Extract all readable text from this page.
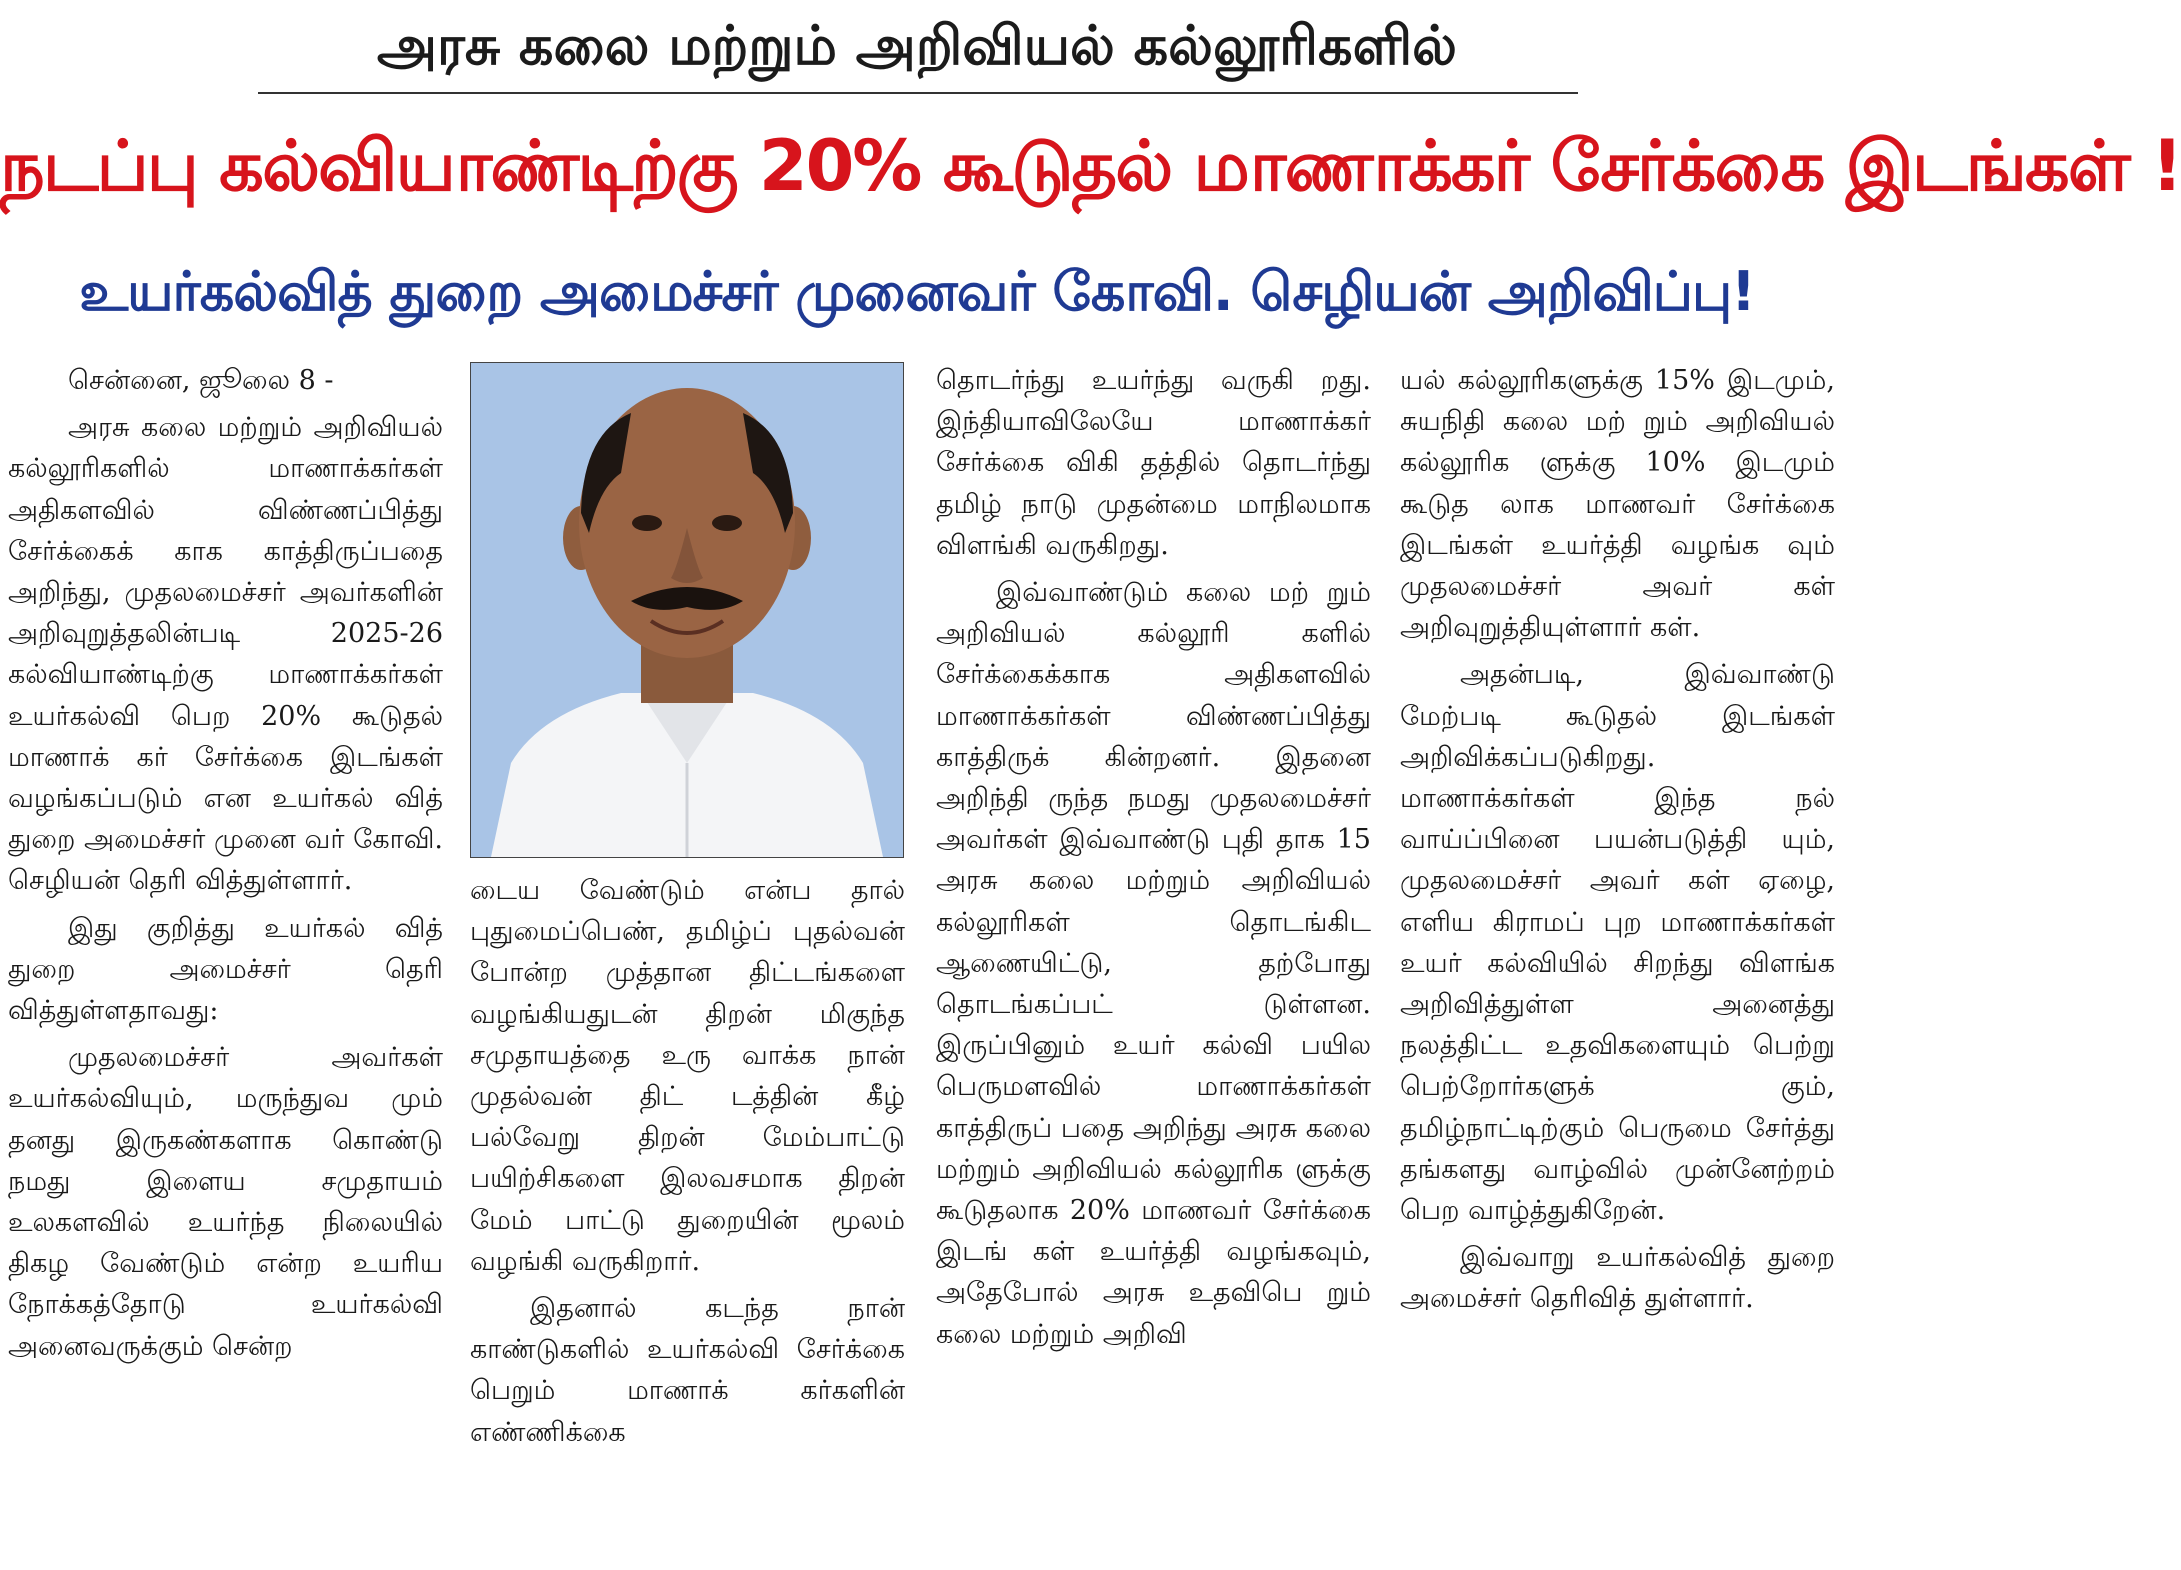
அரசு கலை மற்றும் அறிவியல் கல்லூரிகளில்
நடப்பு கல்வியாண்டிற்கு 20% கூடுதல் மாணாக்கர் சேர்க்கை இடங்கள் !
உயர்கல்வித் துறை அமைச்சர் முனைவர் கோவி. செழியன் அறிவிப்பு!

சென்னை, ஜூலை 8 -

அரசு கலை மற்றும் அறிவியல் கல்லூரிகளில் மாணாக்கர்கள் அதிகளவில் விண்ணப்பித்து சேர்க்கைக் காக காத்திருப்பதை அறிந்து, முதலமைச்சர் அவர்களின் அறிவுறுத்தலின்படி 2025-26 கல்வியாண்டிற்கு மாணாக்கர்கள் உயர்கல்வி பெற 20% கூடுதல் மாணாக் கர் சேர்க்கை இடங்கள் வழங்கப்படும் என உயர்கல் வித் துறை அமைச்சர் முனை வர் கோவி. செழியன் தெரி வித்துள்ளார்.

இது குறித்து உயர்கல் வித் துறை அமைச்சர் தெரி வித்துள்ளதாவது:

முதலமைச்சர் அவர்கள் உயர்கல்வியும், மருந்துவ மும் தனது இருகண்களாக கொண்டு நமது இளைய சமுதாயம் உலகளவில் உயர்ந்த நிலையில் திகழ வேண்டும் என்ற உயரிய நோக்கத்தோடு உயர்கல்வி அனைவருக்கும் சென்ற

டைய வேண்டும் என்ப தால் புதுமைப்பெண், தமிழ்ப் புதல்வன் போன்ற முத்தான திட்டங்களை வழங்கியதுடன் திறன் மிகுந்த சமுதாயத்தை உரு வாக்க நான் முதல்வன் திட் டத்தின் கீழ் பல்வேறு திறன் மேம்பாட்டு பயிற்சிகளை இலவசமாக திறன் மேம் பாட்டு துறையின் மூலம் வழங்கி வருகிறார்.

இதனால் கடந்த நான் காண்டுகளில் உயர்கல்வி சேர்க்கை பெறும் மாணாக் கர்களின் எண்ணிக்கை

தொடர்ந்து உயர்ந்து வருகி றது. இந்தியாவிலேயே மாணாக்கர் சேர்க்கை விகி தத்தில் தொடர்ந்து தமிழ் நாடு முதன்மை மாநிலமாக விளங்கி வருகிறது.

இவ்வாண்டும் கலை மற் றும் அறிவியல் கல்லூரி களில் சேர்க்கைக்காக அதிகளவில் மாணாக்கர்கள் விண்ணப்பித்து காத்திருக் கின்றனர். இதனை அறிந்தி ருந்த நமது முதலமைச்சர் அவர்கள் இவ்வாண்டு புதி தாக 15 அரசு கலை மற்றும் அறிவியல் கல்லூரிகள் தொடங்கிட ஆணையிட்டு, தற்போது தொடங்கப்பட் டுள்ளன. இருப்பினும் உயர் கல்வி பயில பெருமளவில் மாணாக்கர்கள் காத்திருப் பதை அறிந்து அரசு கலை மற்றும் அறிவியல் கல்லூரிக ளுக்கு கூடுதலாக 20% மாணவர் சேர்க்கை இடங் கள் உயர்த்தி வழங்கவும், அதேபோல் அரசு உதவிபெ றும் கலை மற்றும் அறிவி

யல் கல்லூரிகளுக்கு 15% இடமும், சுயநிதி கலை மற் றும் அறிவியல் கல்லூரிக ளுக்கு 10% இடமும் கூடுத லாக மாணவர் சேர்க்கை இடங்கள் உயர்த்தி வழங்க வும் முதலமைச்சர் அவர் கள் அறிவுறுத்தியுள்ளார் கள்.

அதன்படி, இவ்வாண்டு மேற்படி கூடுதல் இடங்கள் அறிவிக்கப்படுகிறது. மாணாக்கர்கள் இந்த நல் வாய்ப்பினை பயன்படுத்தி யும், முதலமைச்சர் அவர் கள் ஏழை, எளிய கிராமப் புற மாணாக்கர்கள் உயர் கல்வியில் சிறந்து விளங்க அறிவித்துள்ள அனைத்து நலத்திட்ட உதவிகளையும் பெற்று பெற்றோர்களுக் கும், தமிழ்நாட்டிற்கும் பெருமை சேர்த்து தங்களது வாழ்வில் முன்னேற்றம் பெற வாழ்த்துகிறேன்.

இவ்வாறு உயர்கல்வித் துறை அமைச்சர் தெரிவித் துள்ளார்.
